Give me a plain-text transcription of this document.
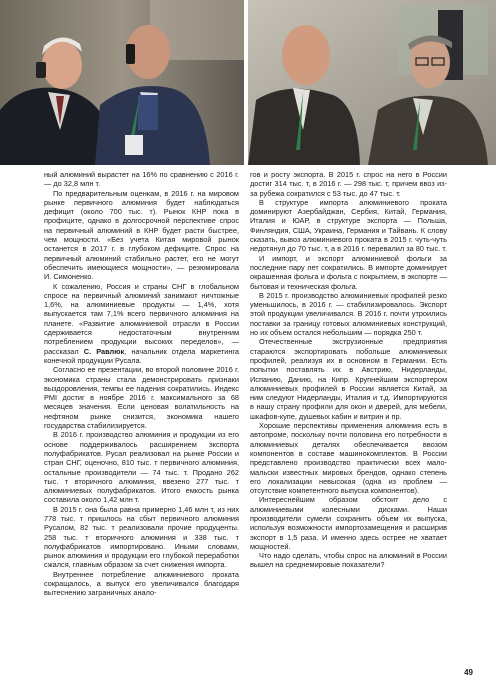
ный алюминий вырастет на 16% по сравнению с 2016 г. — до 32,8 млн т.

По предварительным оценкам, в 2016 г. на мировом рынке первичного алюминия будет наблюдаться дефицит (около 700 тыс. т). Рынок КНР пока в профиците, однако в долгосрочной перспективе спрос на первичный алюминий в КНР будет расти быстрее, чем мощности. «Без учета Китая мировой рынок останется в 2017 г. в глубоком дефиците. Спрос на первичный алюминий стабильно растет, его не могут обеспечить имеющиеся мощности», — резюмировала И. Симоненко.

К сожалению, Россия и страны СНГ в глобальном спросе на первичный алюминий занимают ничтожные 1,6%, на алюминиевые продукты — 1,4%, хотя выпускается там 7,1% всего первичного алюминия на планете. «Развитие алюминиевой отрасли в России сдерживается недостаточным внутренним потреблением продукции высоких переделов», — рассказал С. Равлюк, начальник отдела маркетинга конечной продукции Русала.

Согласно ее презентации, во второй половине 2016 г. экономика страны стала демонстрировать признаки выздоровления, темпы ее падения сократились. Индекс PMI достиг в ноябре 2016 г. максимального за 68 месяцев значения. Если ценовая волатильность на нефтяном рынке снизится, экономика нашего государства стабилизируется.

В 2016 г. производство алюминия и продукции из его основе поддерживалось расширением экспорта полуфабрикатов. Русал реализовал на рынке России и стран СНГ, оценочно, 810 тыс. т первичного алюминия, остальные производители — 74 тыс. т. Продано 262 тыс. т вторичного алюминия, ввезено 277 тыс. т алюминиевых полуфабрикатов. Итого емкость рынка составила около 1,42 млн т.

В 2015 г. она была равна примерно 1,46 млн т, из них 778 тыс. т пришлось на сбыт первичного алюминия Русалом, 82 тыс. т реализовали прочие продуценты. 258 тыс. т вторичного алюминия и 338 тыс. т полуфабрикатов импортировано. Иными словами, рынок алюминия и продукции его глубокой переработки сжался, главным образом за счет снижения импорта.

Внутреннее потребление алюминиевого проката сокращалось, а выпуск его увеличивался благодаря вытеснению заграничных анало-

гов и росту экспорта. В 2015 г. спрос на него в России достиг 314 тыс. т, в 2016 г. — 298 тыс. т, причем ввоз из-за рубежа сократился с 53 тыс. до 47 тыс. т.

В структуре импорта алюминиевого проката доминируют Азербайджан, Сербия, Китай, Германия, Италия и ЮАР, в структуре экспорта — Польша, Финляндия, США, Украина, Германия и Тайвань. К слову сказать, вывоз алюминиевого проката в 2015 г. чуть-чуть недотянул до 70 тыс. т, а в 2016 г. перевалил за 80 тыс. т.

И импорт, и экспорт алюминиевой фольги за последние пару лет сократились. В импорте доминирует окрашенная фольга и фольга с покрытием, в экспорте — бытовая и техническая фольга.

В 2015 г. производство алюминиевых профилей резко уменьшилось, в 2016 г. — стабилизировалось. Экспорт этой продукции увеличивался. В 2016 г. почти утроились поставки за границу готовых алюминиевых конструкций, но их объем остался небольшим — порядка 250 т.

Отечественные экструзионные предприятия стараются экспортировать побольше алюминиевых профилей, реализуя их в основном в Германии. Есть попытки поставлять их в Австрию, Нидерланды, Испанию, Данию, на Кипр. Крупнейшим экспортером алюминиевых профилей в России является Китай, за ним следуют Нидерланды, Италия и т.д. Импортируются в нашу страну профили для окон и дверей, для мебели, шкафов-купе, душевых кабин и витрин и пр.

Хорошие перспективы применения алюминия есть в автопроме, поскольку почти половина его потребности в алюминиевых деталях обеспечивается ввозом компонентов в составе машинокомплектов. В России представлено производство практически всех мало-мальски известных мировых брендов, однако степень его локализации невысокая (одна из проблем — отсутствие компетентного выпуска компонентов).

Интереснейшим образом обстоит дело с алюминиевыми колесными дисками. Наши производители сумели сохранить объем их выпуска, используя возможности импортозамещения и расширив экспорт в 1,5 раза. И именно здесь острее не хватает мощностей.

Что надо сделать, чтобы спрос на алюминий в России вышел на среднемировые показатели?

49
